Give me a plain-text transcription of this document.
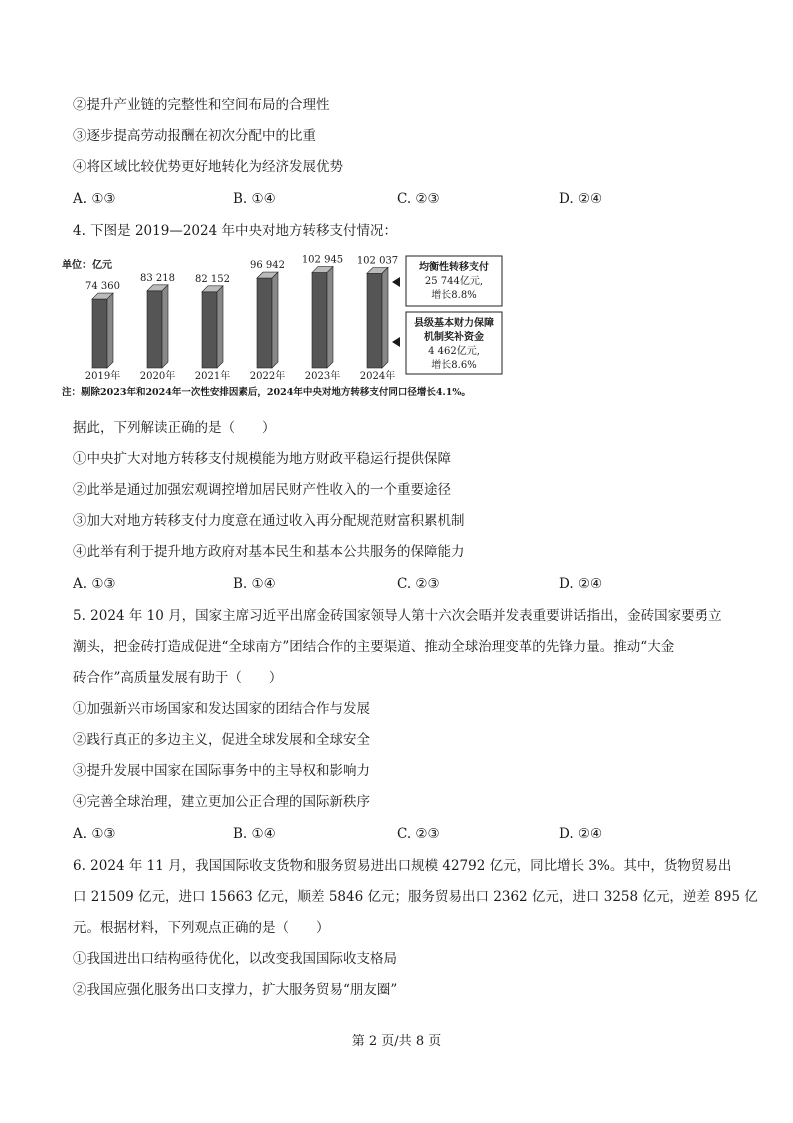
②提升产业链的完整性和空间布局的合理性
③逐步提高劳动报酬在初次分配中的比重
④将区域比较优势更好地转化为经济发展优势
A. ①③	B. ①④	C. ②③	D. ②④
4. 下图是 2019—2024 年中央对地方转移支付情况：
单位：亿元
74 360
2019年
83 218
2020年
82 152
2021年
96 942
2022年
102 945
2023年
102 037
2024年
均衡性转移支付
25 744亿元,
增长8.8%
县级基本财力保障
机制奖补资金
4 462亿元,
增长8.6%
注：剔除2023年和2024年一次性安排因素后，2024年中央对地方转移支付同口径增长4.1%。
据此，下列解读正确的是（　　）
①中央扩大对地方转移支付规模能为地方财政平稳运行提供保障
②此举是通过加强宏观调控增加居民财产性收入的一个重要途径
③加大对地方转移支付力度意在通过收入再分配规范财富积累机制
④此举有利于提升地方政府对基本民生和基本公共服务的保障能力
A. ①③	B. ①④	C. ②③	D. ②④
5. 2024 年 10 月，国家主席习近平出席金砖国家领导人第十六次会晤并发表重要讲话指出，金砖国家要勇立
潮头，把金砖打造成促进“全球南方”团结合作的主要渠道、推动全球治理变革的先锋力量。推动“大金
砖合作”高质量发展有助于（　　）
①加强新兴市场国家和发达国家的团结合作与发展
②践行真正的多边主义，促进全球发展和全球安全
③提升发展中国家在国际事务中的主导权和影响力
④完善全球治理，建立更加公正合理的国际新秩序
A. ①③	B. ①④	C. ②③	D. ②④
6. 2024 年 11 月，我国国际收支货物和服务贸易进出口规模 42792 亿元，同比增长 3%。其中，货物贸易出
口 21509 亿元，进口 15663 亿元，顺差 5846 亿元；服务贸易出口 2362 亿元，进口 3258 亿元，逆差 895 亿
元。根据材料，下列观点正确的是（　　）
①我国进出口结构亟待优化，以改变我国国际收支格局
②我国应强化服务出口支撑力，扩大服务贸易“朋友圈”
第 2 页/共 8 页
